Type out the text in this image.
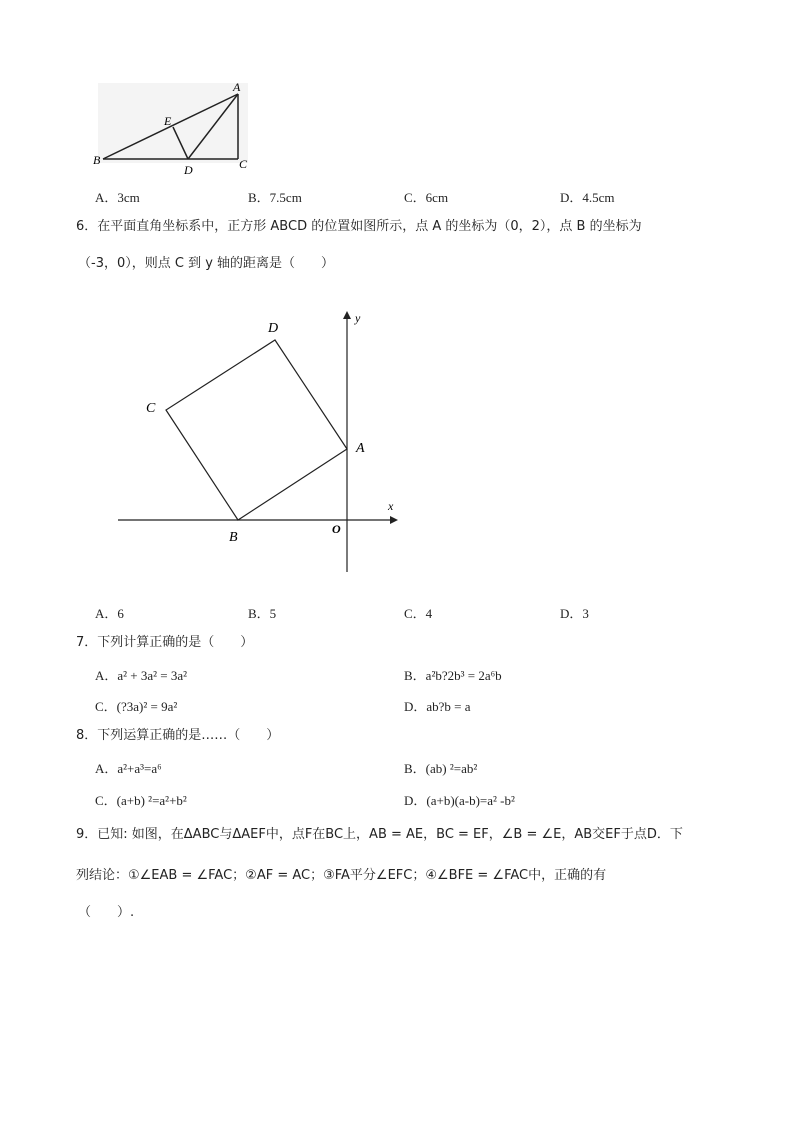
A
B	C
D
E
A．3cm	B．7.5cm	C．6cm	D．4.5cm
6．在平面直角坐标系中，正方形 ABCD 的位置如图所示，点 A 的坐标为（0，2），点 B 的坐标为
（-3，0），则点 C 到 y 轴的距离是（　　）
y
x
O
A
B
C
D
A．6	B．5	C．4	D．3
7．下列计算正确的是（　　）
A．a² + 3a² = 3a²	B．a²b?2b³ = 2a⁶b
C．(?3a)² = 9a²	D．ab?b = a
8．下列运算正确的是……（　　）
A．a²+a³=a⁶	B．(ab) ²=ab²
C．(a+b) ²=a²+b²	D．(a+b)(a-b)=a² -b²
9．已知: 如图，在ΔABC与ΔAEF中，点F在BC上，AB = AE，BC = EF，∠B = ∠E，AB交EF于点D．下
列结论：①∠EAB = ∠FAC；②AF = AC；③FA平分∠EFC；④∠BFE = ∠FAC中，正确的有
（　　）.
